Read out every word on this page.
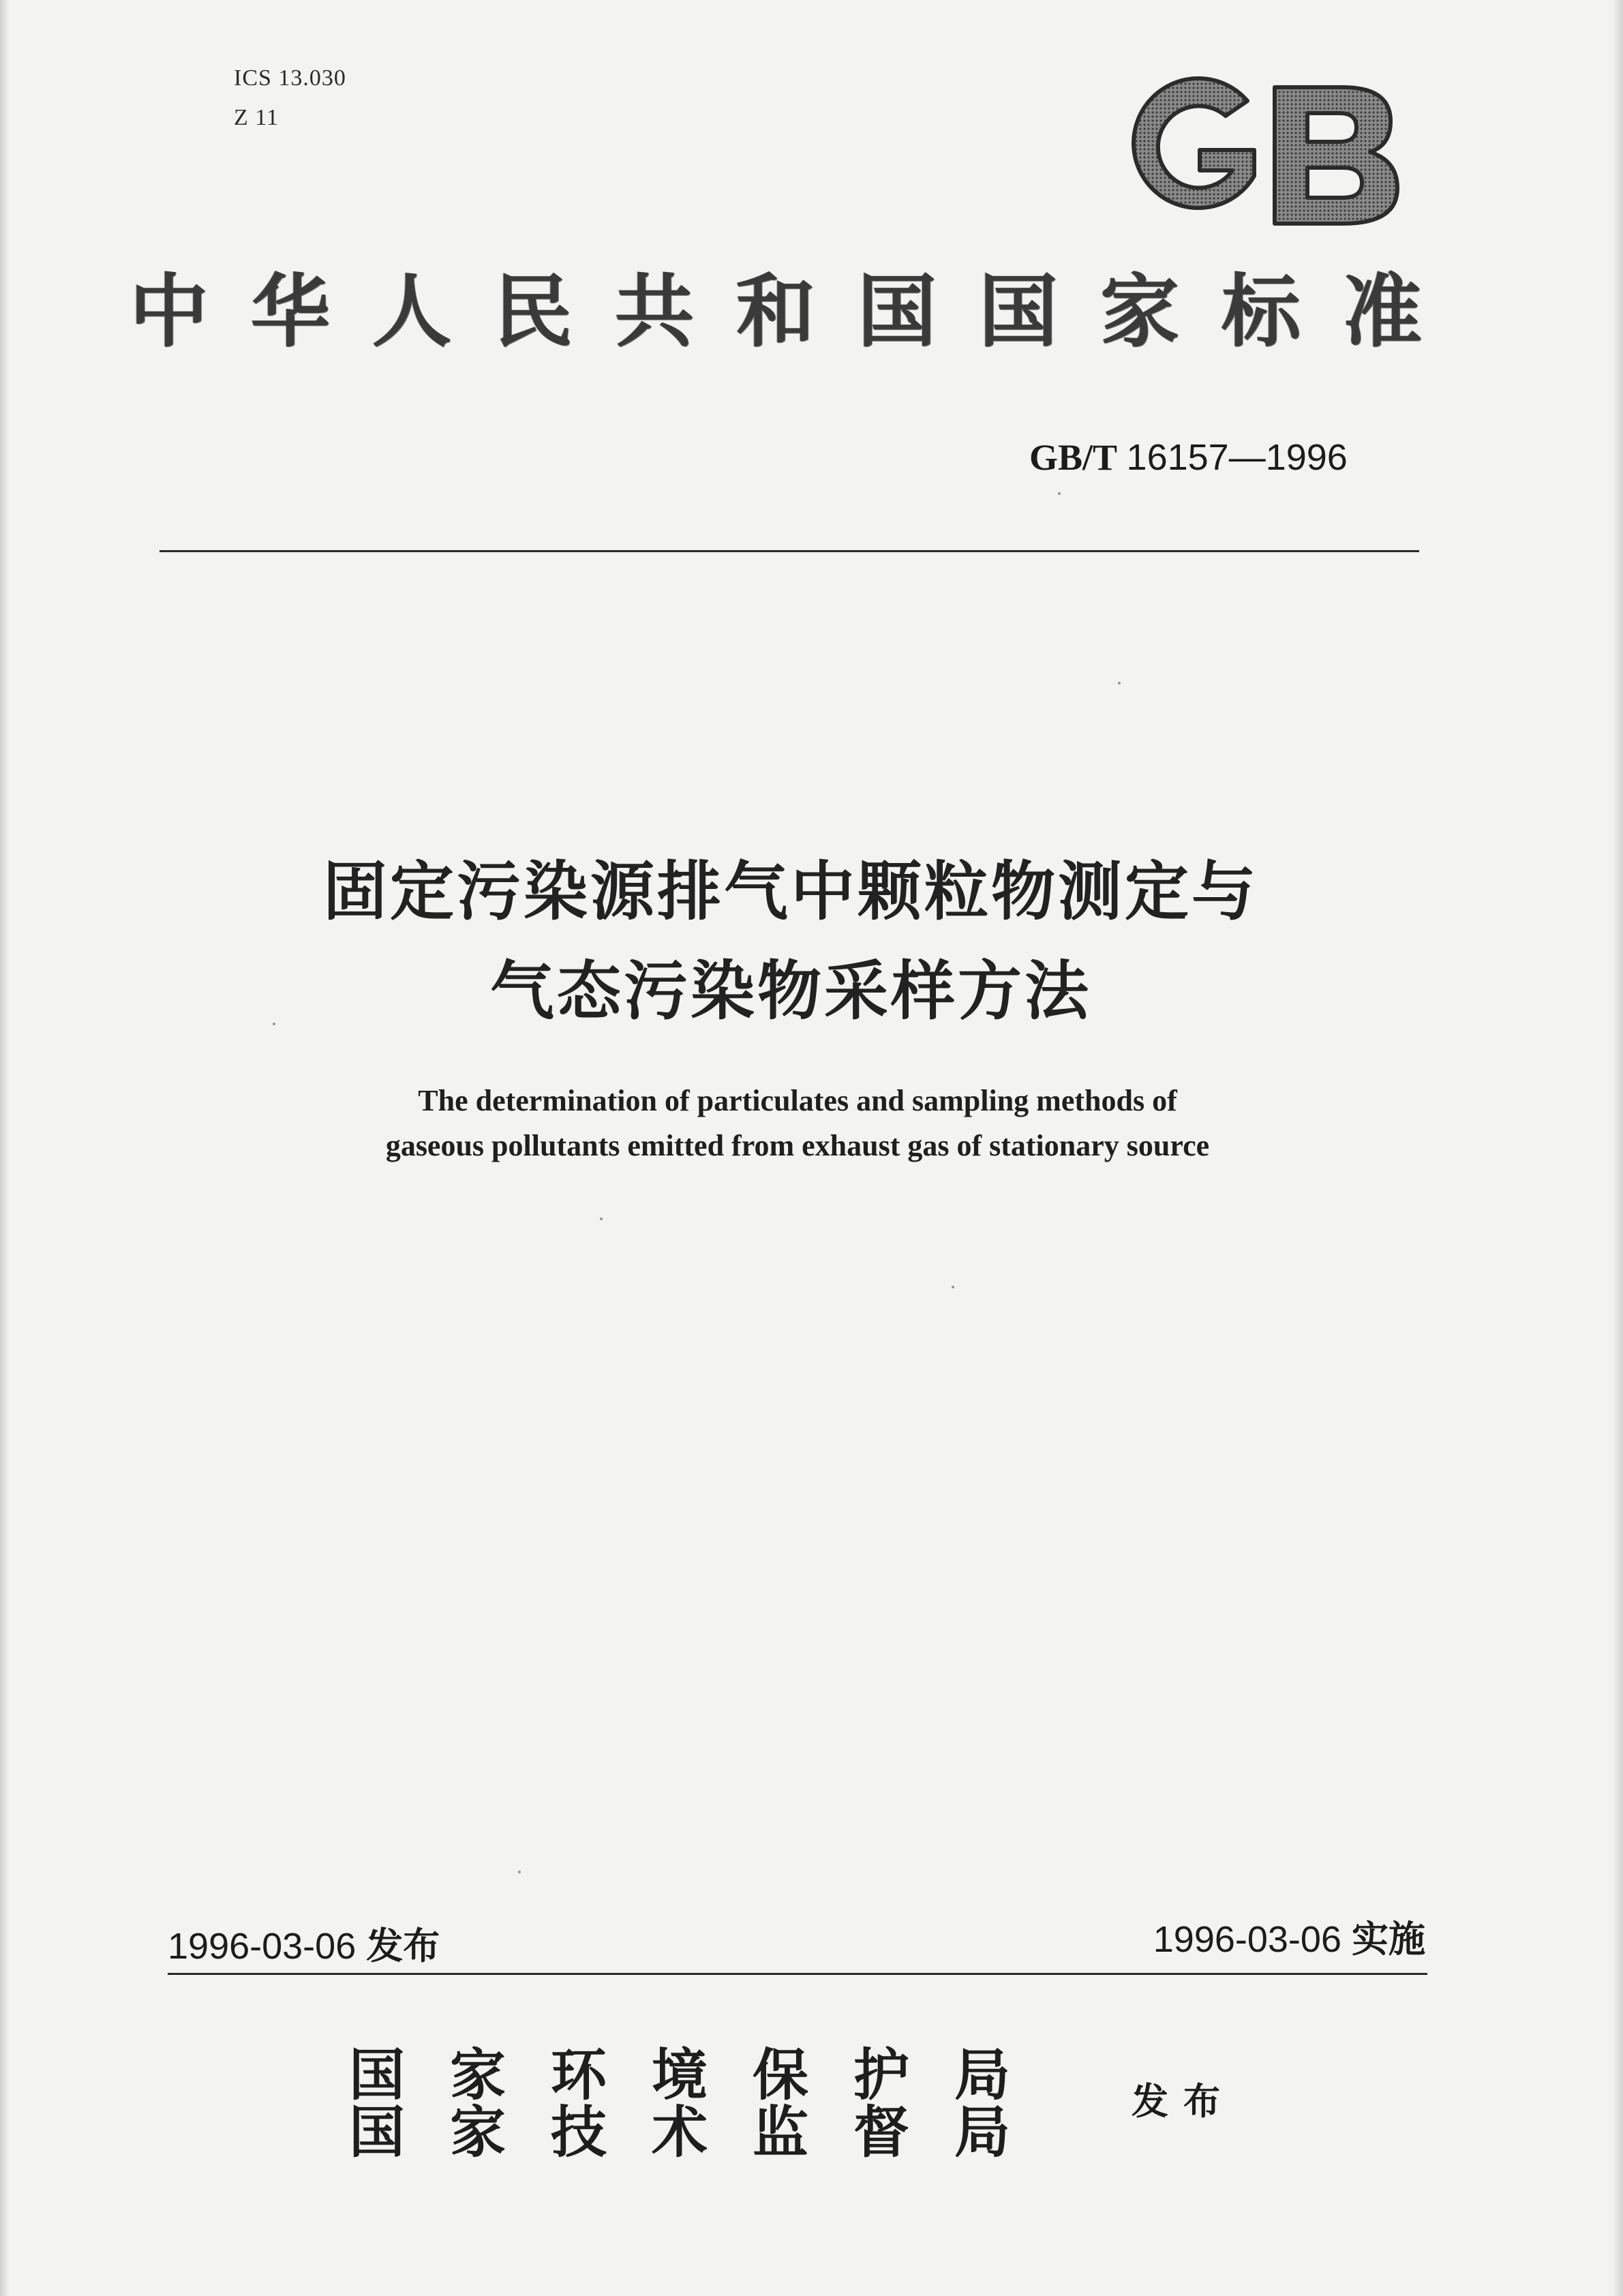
ICS 13.030
Z 11
中华人民共和国国家标准
GB/T 16157—1996
固定污染源排气中颗粒物测定与
气态污染物采样方法
The determination of particulates and sampling methods of
gaseous pollutants emitted from exhaust gas of stationary source
1996-03-06 发布	1996-03-06 实施
国家环境保护局
国家技术监督局 发布
